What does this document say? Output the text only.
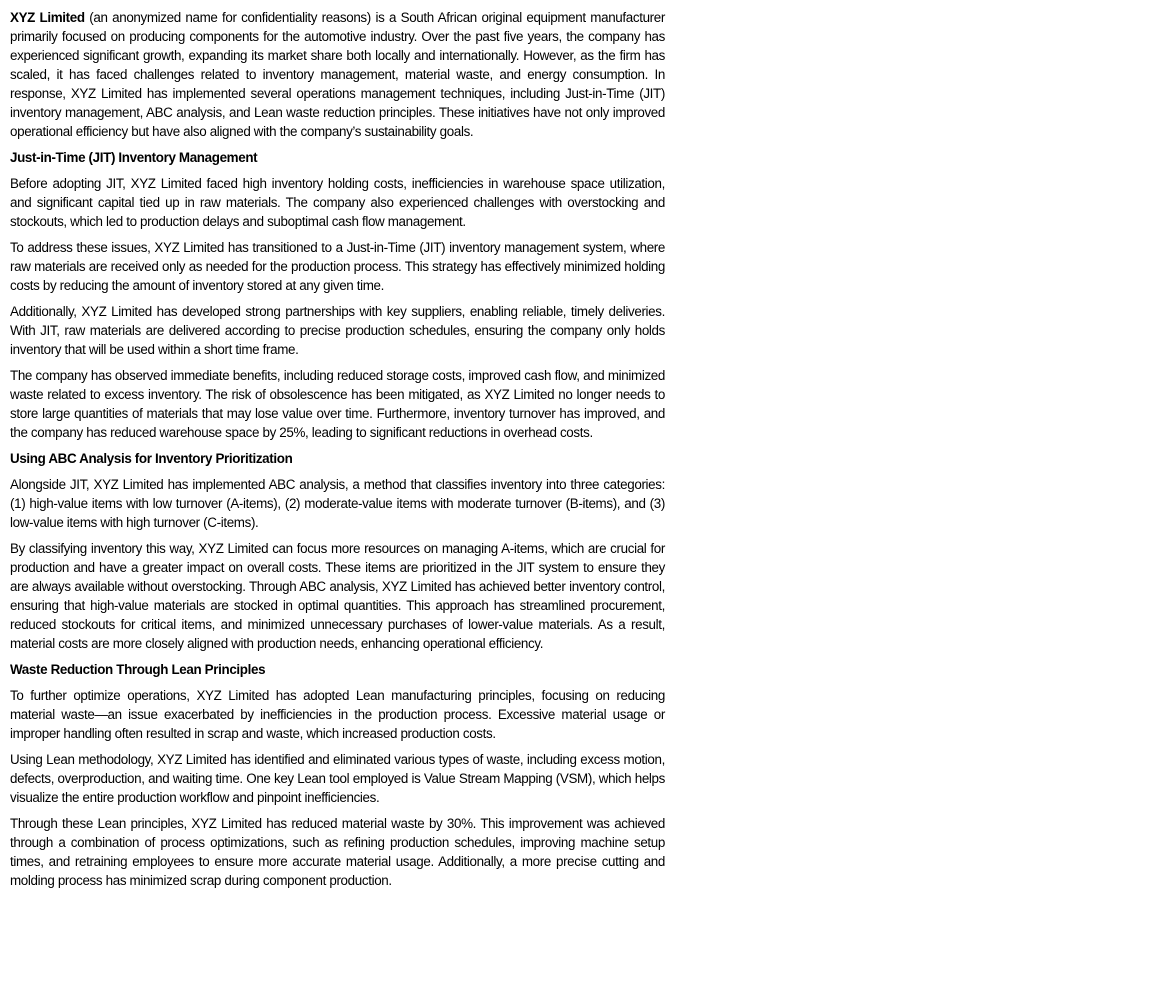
XYZ Limited (an anonymized name for confidentiality reasons) is a South African original equipment manufacturer primarily focused on producing components for the automotive industry. Over the past five years, the company has experienced significant growth, expanding its market share both locally and internationally. However, as the firm has scaled, it has faced challenges related to inventory management, material waste, and energy consumption. In response, XYZ Limited has implemented several operations management techniques, including Just-in-Time (JIT) inventory management, ABC analysis, and Lean waste reduction principles. These initiatives have not only improved operational efficiency but have also aligned with the company’s sustainability goals.

Just-in-Time (JIT) Inventory Management

Before adopting JIT, XYZ Limited faced high inventory holding costs, inefficiencies in warehouse space utilization, and significant capital tied up in raw materials. The company also experienced challenges with overstocking and stockouts, which led to production delays and suboptimal cash flow management.

To address these issues, XYZ Limited has transitioned to a Just-in-Time (JIT) inventory management system, where raw materials are received only as needed for the production process. This strategy has effectively minimized holding costs by reducing the amount of inventory stored at any given time.

Additionally, XYZ Limited has developed strong partnerships with key suppliers, enabling reliable, timely deliveries. With JIT, raw materials are delivered according to precise production schedules, ensuring the company only holds inventory that will be used within a short time frame.

The company has observed immediate benefits, including reduced storage costs, improved cash flow, and minimized waste related to excess inventory. The risk of obsolescence has been mitigated, as XYZ Limited no longer needs to store large quantities of materials that may lose value over time. Furthermore, inventory turnover has improved, and the company has reduced warehouse space by 25%, leading to significant reductions in overhead costs.

Using ABC Analysis for Inventory Prioritization

Alongside JIT, XYZ Limited has implemented ABC analysis, a method that classifies inventory into three categories: (1) high-value items with low turnover (A-items), (2) moderate-value items with moderate turnover (B-items), and (3) low-value items with high turnover (C-items).

By classifying inventory this way, XYZ Limited can focus more resources on managing A-items, which are crucial for production and have a greater impact on overall costs. These items are prioritized in the JIT system to ensure they are always available without overstocking. Through ABC analysis, XYZ Limited has achieved better inventory control, ensuring that high-value materials are stocked in optimal quantities. This approach has streamlined procurement, reduced stockouts for critical items, and minimized unnecessary purchases of lower-value materials. As a result, material costs are more closely aligned with production needs, enhancing operational efficiency.

Waste Reduction Through Lean Principles

To further optimize operations, XYZ Limited has adopted Lean manufacturing principles, focusing on reducing material waste—an issue exacerbated by inefficiencies in the production process. Excessive material usage or improper handling often resulted in scrap and waste, which increased production costs.

Using Lean methodology, XYZ Limited has identified and eliminated various types of waste, including excess motion, defects, overproduction, and waiting time. One key Lean tool employed is Value Stream Mapping (VSM), which helps visualize the entire production workflow and pinpoint inefficiencies.

Through these Lean principles, XYZ Limited has reduced material waste by 30%. This improvement was achieved through a combination of process optimizations, such as refining production schedules, improving machine setup times, and retraining employees to ensure more accurate material usage. Additionally, a more precise cutting and molding process has minimized scrap during component production.
